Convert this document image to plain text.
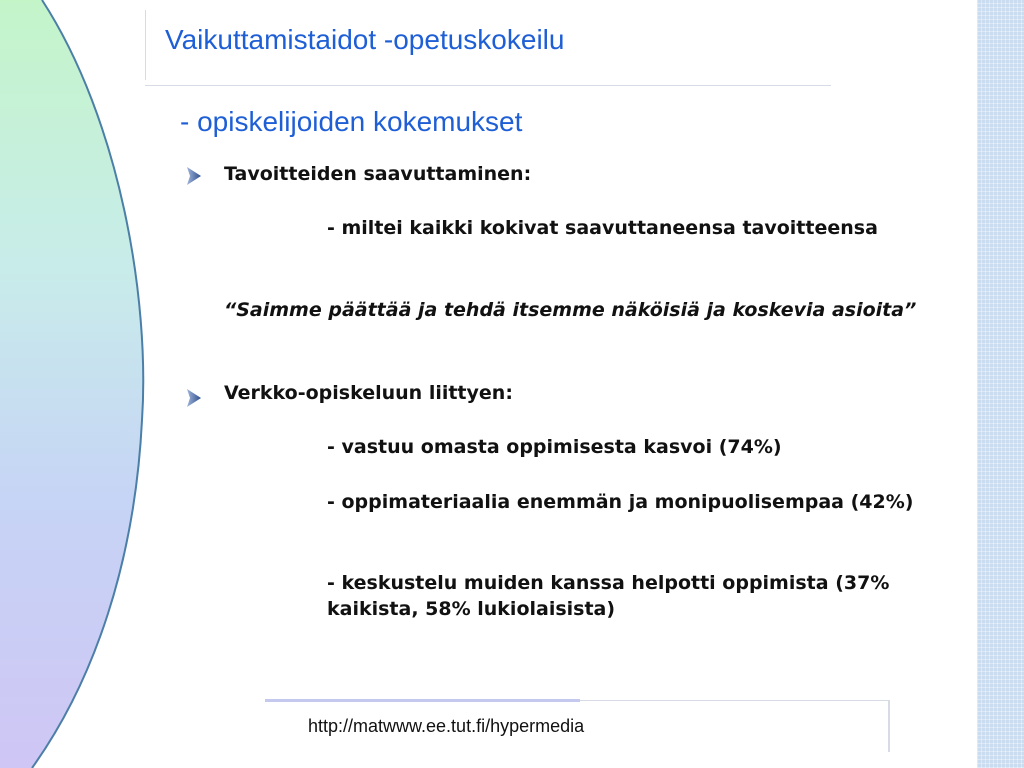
Vaikuttamistaidot -opetuskokeilu
- opiskelijoiden kokemukset
Tavoitteiden saavuttaminen:
- miltei kaikki kokivat saavuttaneensa tavoitteensa
“Saimme päättää ja tehdä itsemme näköisiä ja koskevia asioita”
Verkko-opiskeluun liittyen:
- vastuu omasta oppimisesta kasvoi (74%)
- oppimateriaalia enemmän ja monipuolisempaa (42%)
- keskustelu muiden kanssa helpotti oppimista (37% kaikista, 58% lukiolaisista)
http://matwww.ee.tut.fi/hypermedia
